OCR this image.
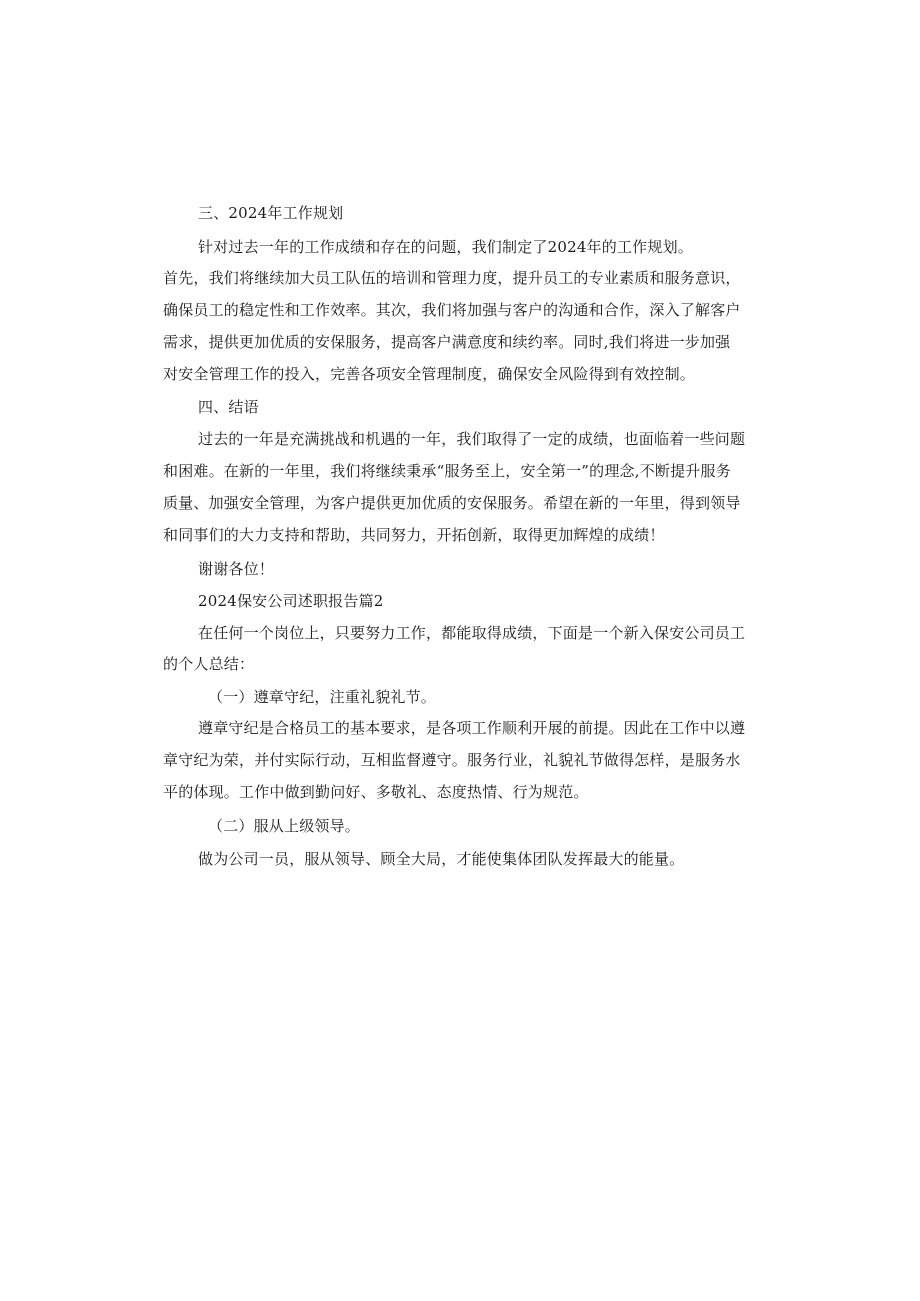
三、2024年工作规划
针对过去一年的工作成绩和存在的问题，我们制定了2024年的工作规划。
首先，我们将继续加大员工队伍的培训和管理力度，提升员工的专业素质和服务意识，
确保员工的稳定性和工作效率。其次，我们将加强与客户的沟通和合作，深入了解客户
需求，提供更加优质的安保服务，提高客户满意度和续约率。同时,我们将进一步加强
对安全管理工作的投入，完善各项安全管理制度，确保安全风险得到有效控制。
四、结语
过去的一年是充满挑战和机遇的一年，我们取得了一定的成绩，也面临着一些问题
和困难。在新的一年里，我们将继续秉承“服务至上，安全第一”的理念,不断提升服务
质量、加强安全管理，为客户提供更加优质的安保服务。希望在新的一年里，得到领导
和同事们的大力支持和帮助，共同努力，开拓创新，取得更加辉煌的成绩！
谢谢各位！
2024保安公司述职报告篇2
在任何一个岗位上，只要努力工作，都能取得成绩，下面是一个新入保安公司员工
的个人总结：
（一）遵章守纪，注重礼貌礼节。
遵章守纪是合格员工的基本要求，是各项工作顺利开展的前提。因此在工作中以遵
章守纪为荣，并付实际行动，互相监督遵守。服务行业，礼貌礼节做得怎样，是服务水
平的体现。工作中做到勤问好、多敬礼、态度热情、行为规范。
（二）服从上级领导。
做为公司一员，服从领导、顾全大局，才能使集体团队发挥最大的能量。
